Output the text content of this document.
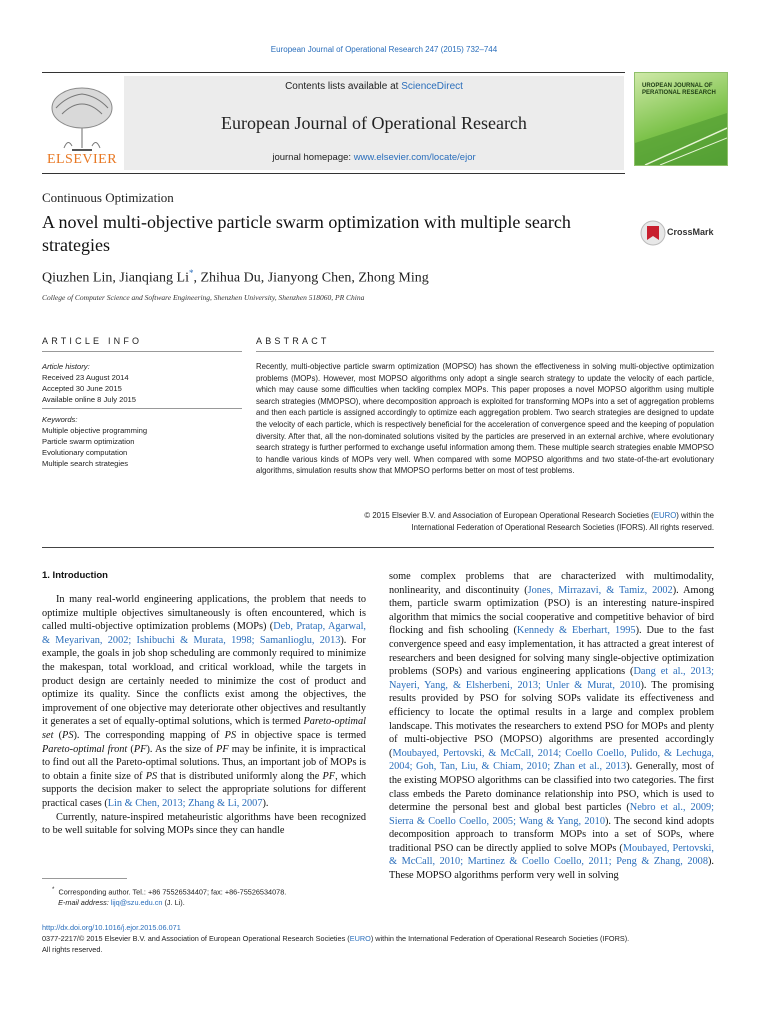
European Journal of Operational Research 247 (2015) 732–744
ELSEVIER
Contents lists available at ScienceDirect
European Journal of Operational Research
journal homepage: www.elsevier.com/locate/ejor
UROPEAN JOURNAL OF PERATIONAL RESEARCH
Continuous Optimization
A novel multi-objective particle swarm optimization with multiple search strategies
CrossMark
Qiuzhen Lin, Jianqiang Li*, Zhihua Du, Jianyong Chen, Zhong Ming
College of Computer Science and Software Engineering, Shenzhen University, Shenzhen 518060, PR China
ARTICLE INFO	ABSTRACT
Article history:
Received 23 August 2014
Accepted 30 June 2015
Available online 8 July 2015
Keywords:
Multiple objective programming
Particle swarm optimization
Evolutionary computation
Multiple search strategies
Recently, multi-objective particle swarm optimization (MOPSO) has shown the effectiveness in solving multi-objective optimization problems (MOPs). However, most MOPSO algorithms only adopt a single search strategy to update the velocity of each particle, which may cause some difficulties when tackling complex MOPs. This paper proposes a novel MOPSO algorithm using multiple search strategies (MMOPSO), where decomposition approach is exploited for transforming MOPs into a set of aggregation problems and then each particle is assigned accordingly to optimize each aggregation problem. Two search strategies are designed to update the velocity of each particle, which is respectively beneficial for the acceleration of convergence speed and the keeping of population diversity. After that, all the non-dominated solutions visited by the particles are preserved in an external archive, where evolutionary search strategy is further performed to exchange useful information among them. These multiple search strategies enable MMOPSO to handle various kinds of MOPs very well. When compared with some MOPSO algorithms and two state-of-the-art evolutionary algorithms, simulation results show that MMOPSO performs better on most of test problems.
© 2015 Elsevier B.V. and Association of European Operational Research Societies (EURO) within the
International Federation of Operational Research Societies (IFORS). All rights reserved.
1. Introduction

In many real-world engineering applications, the problem that needs to optimize multiple objectives simultaneously is often encountered, which is called multi-objective optimization problems (MOPs) (Deb, Pratap, Agarwal, & Meyarivan, 2002; Ishibuchi & Murata, 1998; Samanlioglu, 2013). For example, the goals in job shop scheduling are commonly required to minimize the makespan, total workload, and critical workload, while the targets in product design are certainly needed to minimize the cost of product and optimize its quality. Since the conflicts exist among the objectives, the improvement of one objective may deteriorate other objectives and resultantly it generates a set of equally-optimal solutions, which is termed Pareto-optimal set (PS). The corresponding mapping of PS in objective space is termed Pareto-optimal front (PF). As the size of PF may be infinite, it is impractical to find out all the Pareto-optimal solutions. Thus, an important job of MOPs is to obtain a finite size of PS that is distributed uniformly along the PF, which supports the decision maker to select the appropriate solutions for different practical cases (Lin & Chen, 2013; Zhang & Li, 2007).

Currently, nature-inspired metaheuristic algorithms have been recognized to be well suitable for solving MOPs since they can handle

some complex problems that are characterized with multimodality, nonlinearity, and discontinuity (Jones, Mirrazavi, & Tamiz, 2002). Among them, particle swarm optimization (PSO) is an interesting nature-inspired algorithm that mimics the social cooperative and competitive behavior of bird flocking and fish schooling (Kennedy & Eberhart, 1995). Due to the fast convergence speed and easy implementation, it has attracted a great interest of researchers and been designed for solving many single-objective optimization problems (SOPs) and various engineering applications (Dang et al., 2013; Nayeri, Yang, & Elsherbeni, 2013; Unler & Murat, 2010). The promising results provided by PSO for solving SOPs validate its effectiveness and efficiency to locate the optimal results in a large and complex problem landscape. This motivates the researchers to extend PSO for MOPs and plenty of multi-objective PSO (MOPSO) algorithms are presented accordingly (Moubayed, Pertovski, & McCall, 2014; Coello Coello, Pulido, & Lechuga, 2004; Goh, Tan, Liu, & Chiam, 2010; Zhan et al., 2013). Generally, most of the existing MOPSO algorithms can be classified into two categories. The first class embeds the Pareto dominance relationship into PSO, which is used to determine the personal best and global best particles (Nebro et al., 2009; Sierra & Coello Coello, 2005; Wang & Yang, 2010). The second kind adopts decomposition approach to transform MOPs into a set of SOPs, where traditional PSO can be directly applied to solve MOPs (Moubayed, Pertovski, & McCall, 2010; Martinez & Coello Coello, 2011; Peng & Zhang, 2008). These MOPSO algorithms perform very well in solving

* Corresponding author. Tel.: +86 75526534407; fax: +86-75526534078.
E-mail address: lijq@szu.edu.cn (J. Li).
http://dx.doi.org/10.1016/j.ejor.2015.06.071
0377-2217/© 2015 Elsevier B.V. and Association of European Operational Research Societies (EURO) within the International Federation of Operational Research Societies (IFORS).
All rights reserved.
